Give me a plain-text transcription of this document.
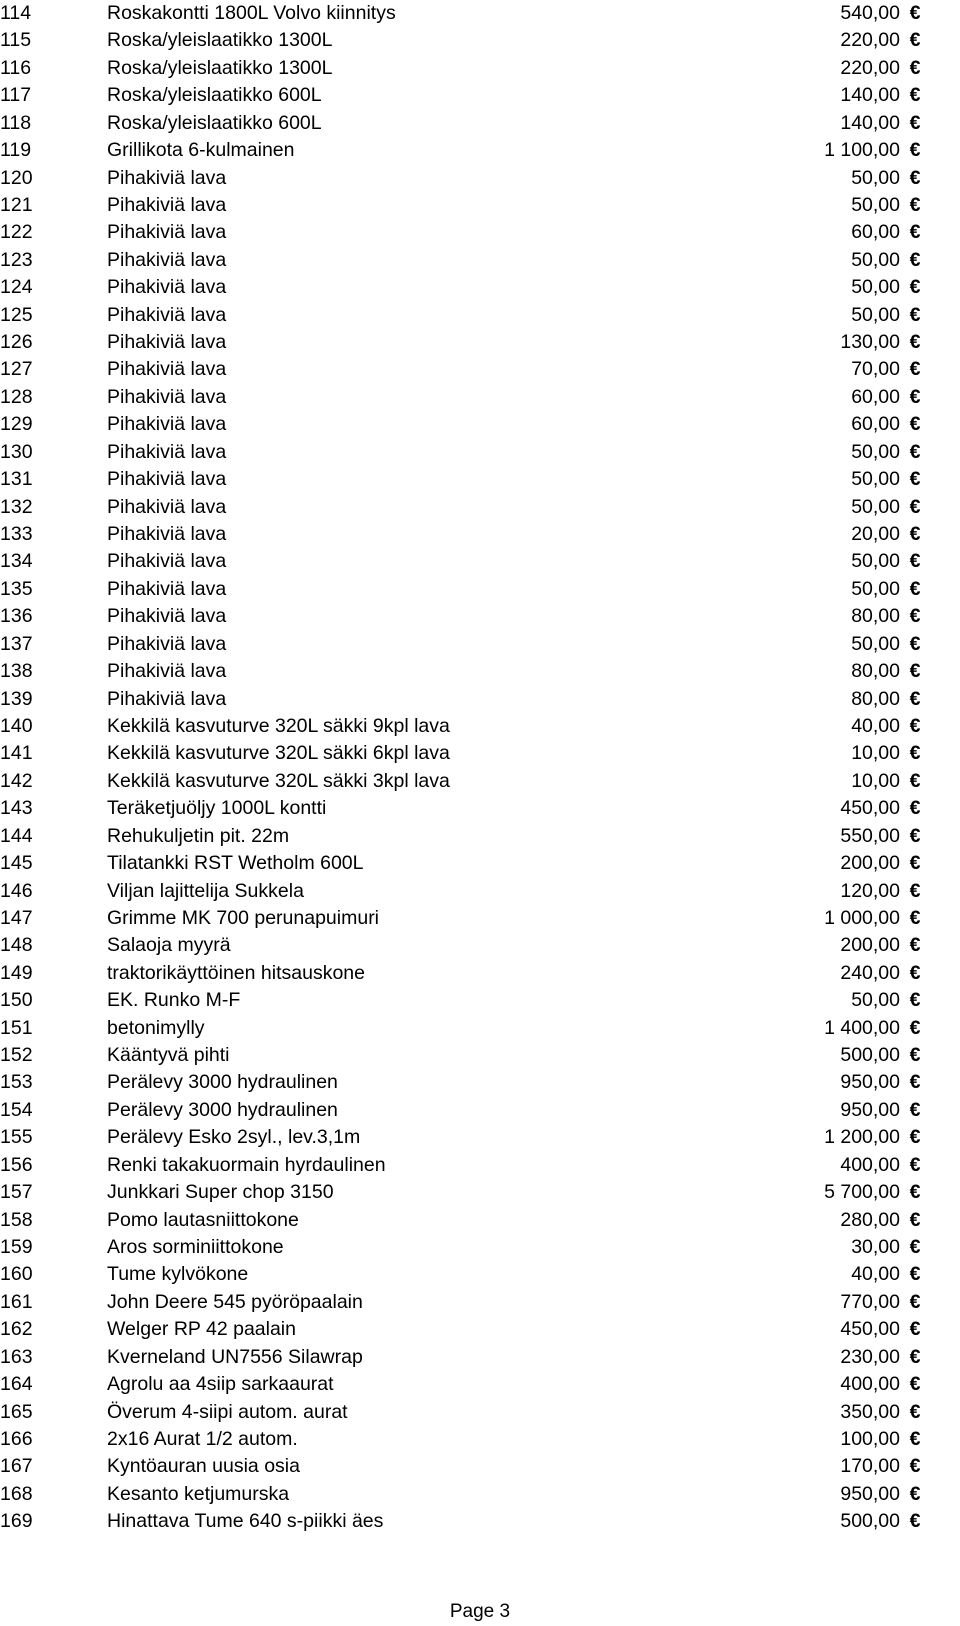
114	Roskakontti 1800L Volvo kiinnitys	540,00 €
115	Roska/yleislaatikko 1300L	220,00 €
116	Roska/yleislaatikko 1300L	220,00 €
117	Roska/yleislaatikko 600L	140,00 €
118	Roska/yleislaatikko 600L	140,00 €
119	Grillikota 6-kulmainen	1 100,00 €
120	Pihakiviä lava	50,00 €
121	Pihakiviä lava	50,00 €
122	Pihakiviä lava	60,00 €
123	Pihakiviä lava	50,00 €
124	Pihakiviä lava	50,00 €
125	Pihakiviä lava	50,00 €
126	Pihakiviä lava	130,00 €
127	Pihakiviä lava	70,00 €
128	Pihakiviä lava	60,00 €
129	Pihakiviä lava	60,00 €
130	Pihakiviä lava	50,00 €
131	Pihakiviä lava	50,00 €
132	Pihakiviä lava	50,00 €
133	Pihakiviä lava	20,00 €
134	Pihakiviä lava	50,00 €
135	Pihakiviä lava	50,00 €
136	Pihakiviä lava	80,00 €
137	Pihakiviä lava	50,00 €
138	Pihakiviä lava	80,00 €
139	Pihakiviä lava	80,00 €
140	Kekkilä kasvuturve 320L säkki 9kpl lava	40,00 €
141	Kekkilä kasvuturve 320L säkki 6kpl lava	10,00 €
142	Kekkilä kasvuturve 320L säkki 3kpl lava	10,00 €
143	Teräketjuöljy 1000L kontti	450,00 €
144	Rehukuljetin pit. 22m	550,00 €
145	Tilatankki RST Wetholm 600L	200,00 €
146	Viljan lajittelija Sukkela	120,00 €
147	Grimme MK 700 perunapuimuri	1 000,00 €
148	Salaoja myyrä	200,00 €
149	traktorikäyttöinen hitsauskone	240,00 €
150	EK. Runko M-F	50,00 €
151	betonimylly	1 400,00 €
152	Kääntyvä pihti	500,00 €
153	Perälevy 3000 hydraulinen	950,00 €
154	Perälevy 3000 hydraulinen	950,00 €
155	Perälevy Esko 2syl., lev.3,1m	1 200,00 €
156	Renki takakuormain hyrdaulinen	400,00 €
157	Junkkari Super chop 3150	5 700,00 €
158	Pomo lautasniittokone	280,00 €
159	Aros sorminiittokone	30,00 €
160	Tume kylvökone	40,00 €
161	John Deere 545 pyöröpaalain	770,00 €
162	Welger RP 42 paalain	450,00 €
163	Kverneland UN7556 Silawrap	230,00 €
164	Agrolu aa 4siip sarkaaurat	400,00 €
165	Överum 4-siipi autom. aurat	350,00 €
166	2x16 Aurat 1/2 autom.	100,00 €
167	Kyntöauran uusia osia	170,00 €
168	Kesanto ketjumurska	950,00 €
169	Hinattava Tume 640 s-piikki äes	500,00 €
Page 3
